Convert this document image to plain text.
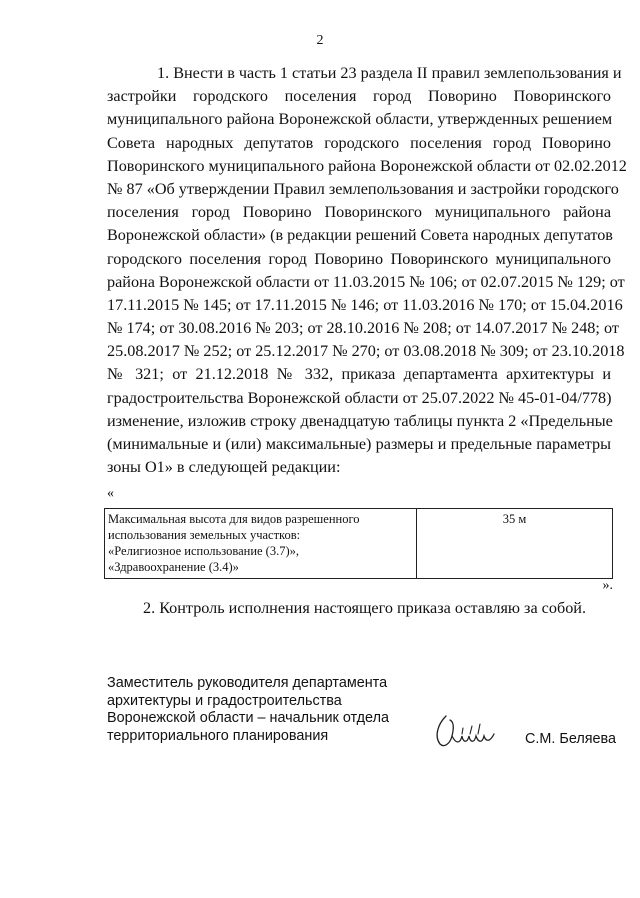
2
1. Внести в часть 1 статьи 23 раздела II правил землепользования и
застройки городского поселения город Поворино Поворинского
муниципального района Воронежской области, утвержденных решением
Совета народных депутатов городского поселения город Поворино
Поворинского муниципального района Воронежской области от 02.02.2012
№ 87 «Об утверждении Правил землепользования и застройки городского
поселения город Поворино Поворинского муниципального района
Воронежской области» (в редакции решений Совета народных депутатов
городского поселения город Поворино Поворинского муниципального
района Воронежской области от 11.03.2015 № 106; от 02.07.2015 № 129; от
17.11.2015 № 145; от 17.11.2015 № 146; от 11.03.2016 № 170; от 15.04.2016
№ 174; от 30.08.2016 № 203; от 28.10.2016 № 208; от 14.07.2017 № 248; от
25.08.2017 № 252; от 25.12.2017 № 270; от 03.08.2018 № 309; от 23.10.2018
№ 321; от 21.12.2018 № 332, приказа департамента архитектуры и
градостроительства Воронежской области от 25.07.2022 № 45-01-04/778)
изменение, изложив строку двенадцатую таблицы пункта 2 «Предельные
(минимальные и (или) максимальные) размеры и предельные параметры
зоны О1» в следующей редакции:
«
Максимальная высота для видов разрешенного
использования земельных участков:
«Религиозное использование (3.7)»,
«Здравоохранение (3.4)»
	35 м
».
2. Контроль исполнения настоящего приказа оставляю за собой.
Заместитель руководителя департамента
архитектуры и градостроительства
Воронежской области – начальник отдела
территориального планирования	С.М. Беляева
